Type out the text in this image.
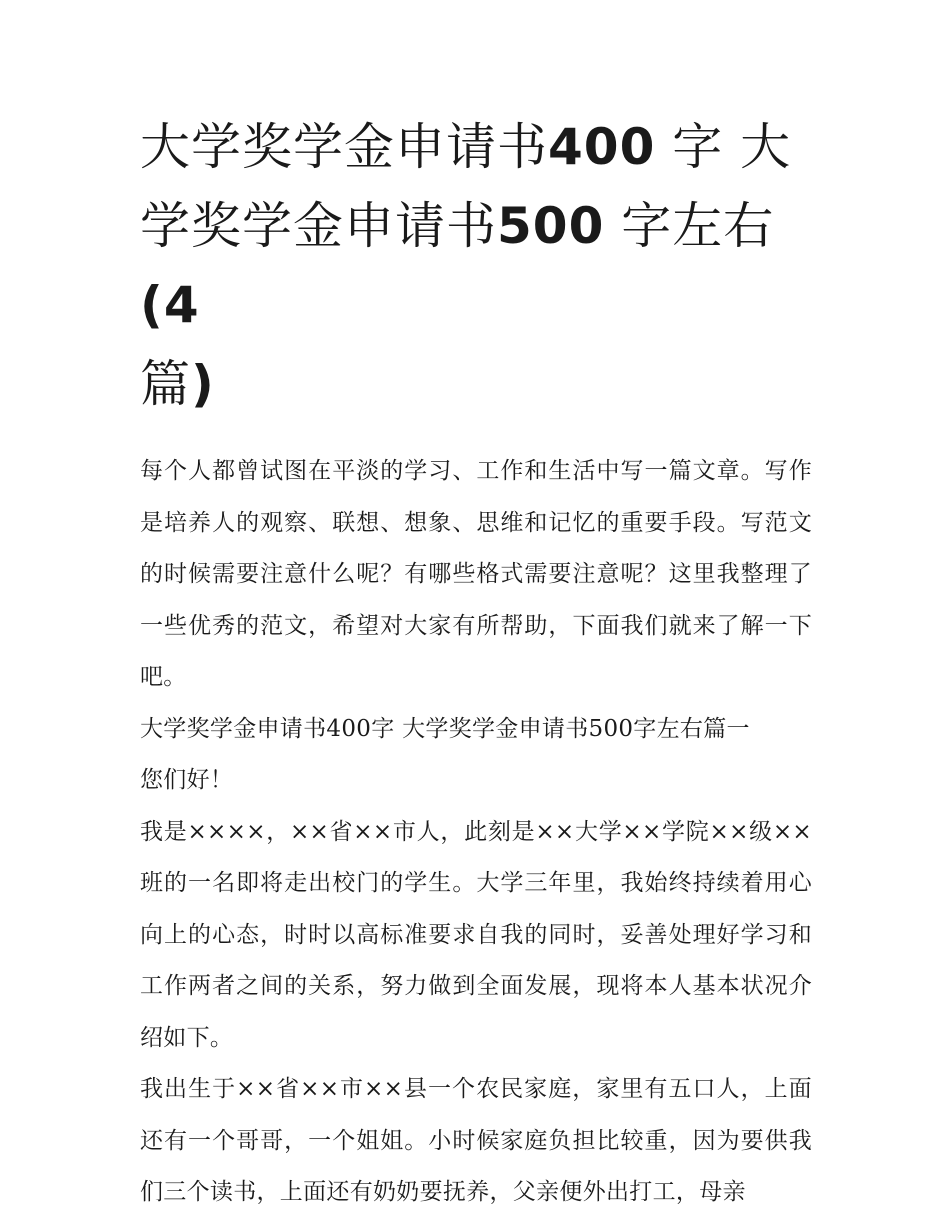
大学奖学金申请书400 字 大学奖学金申请书500 字左右(4
篇)

每个人都曾试图在平淡的学习、工作和生活中写一篇文章。写作是培养人的观察、联想、想象、思维和记忆的重要手段。写范文的时候需要注意什么呢？有哪些格式需要注意呢？这里我整理了一些优秀的范文，希望对大家有所帮助，下面我们就来了解一下吧。

大学奖学金申请书400字 大学奖学金申请书500字左右篇一

您们好！

我是××××，××省××市人，此刻是××大学××学院××级××班的一名即将走出校门的学生。大学三年里，我始终持续着用心向上的心态，时时以高标准要求自我的同时，妥善处理好学习和工作两者之间的关系，努力做到全面发展，现将本人基本状况介绍如下。

我出生于××省××市××县一个农民家庭，家里有五口人，上面还有一个哥哥，一个姐姐。小时候家庭负担比较重，因为要供我们三个读书，上面还有奶奶要抚养，父亲便外出打工，母亲
